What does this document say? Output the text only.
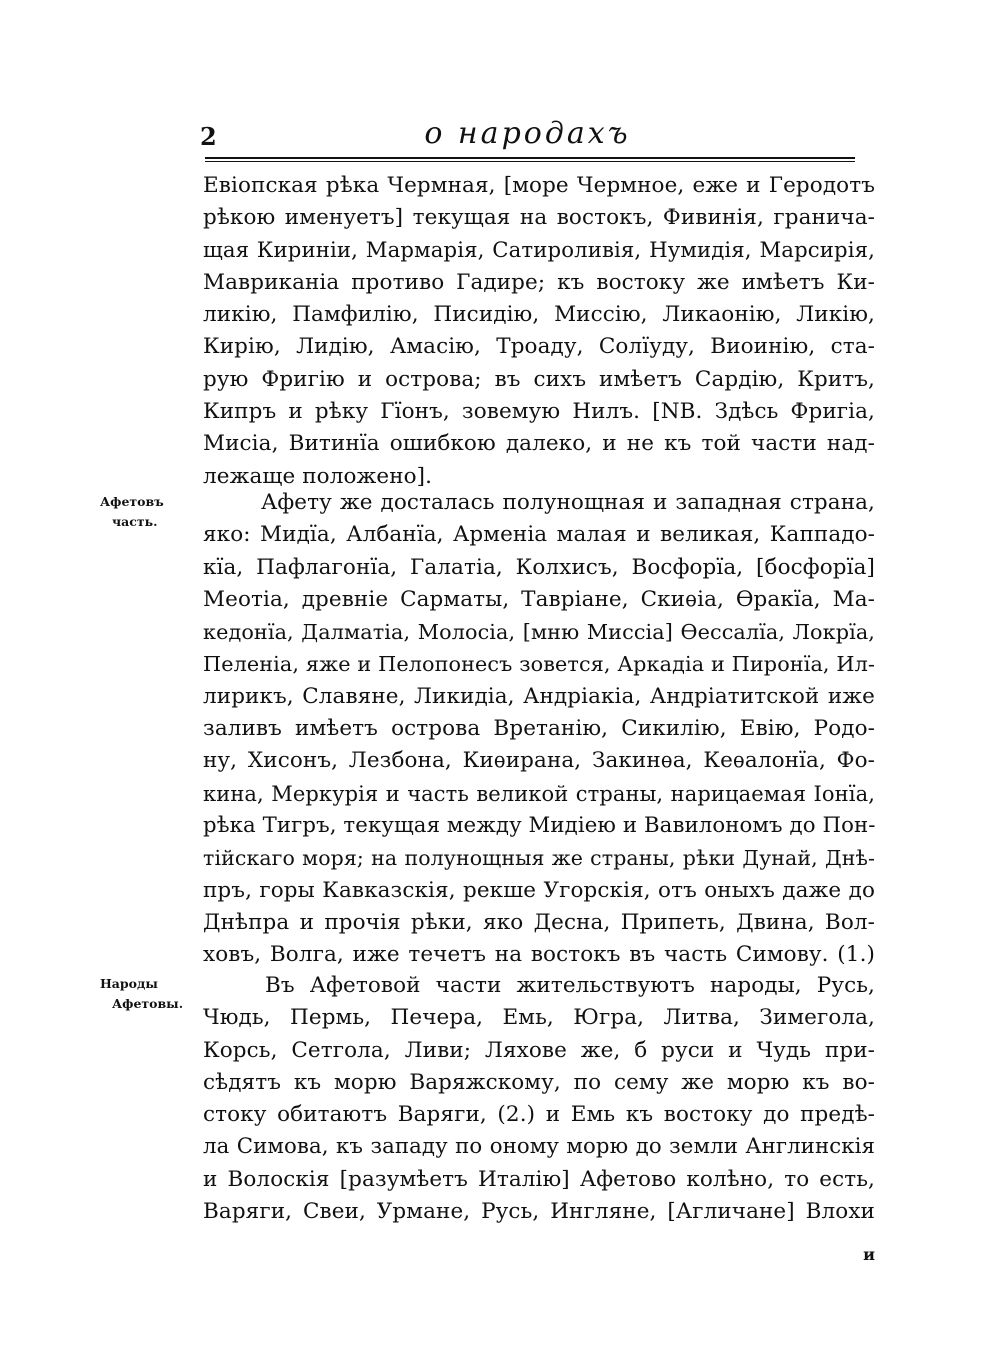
2	о народахъ
Евіопская рѣка Чермная, [море Чермное, еже и Геродотъ
рѣкою именуетъ] текущая на востокъ, Фивинія, гранича-
щая Кириніи, Мармарія, Сатироливія, Нумидія, Марсирія,
Мавриканіа противо Гадире; къ востоку же имѣетъ Ки-
ликію, Памфилію, Писидію, Миссію, Ликаонію, Ликію,
Кирію, Лидію, Амасію, Троаду, Солїуду, Виоинію, ста-
рую Фригію и острова; въ сихъ имѣетъ Сардію, Критъ,
Кипръ и рѣку Гїонъ, зовемую Нилъ. [NB. Здѣсь Фригіа,
Мисіа, Витинїа ошибкою далеко, и не къ той части над-
лежаще положено].
Афетовъ
часть.
Афету же досталась полунощная и западная страна,
яко: Мидїа, Албанїа, Арменіа малая и великая, Каппадо-
кїа, Пафлагонїа, Галатіа, Колхисъ, Восфорїа, [босфорїа]
Меотіа, древніе Сарматы, Тавріане, Скиѳіа, Ѳракїа, Ма-
кедонїа, Далматіа, Молосіа, [мню Миссіа] Ѳессалїа, Локрїа,
Пеленіа, яже и Пелопонесъ зовется, Аркадіа и Пиронїа, Ил-
лирикъ, Славяне, Ликидіа, Андріакіа, Андріатитской иже
заливъ имѣетъ острова Вретанію, Сикилію, Евію, Родо-
ну, Хисонъ, Лезбона, Киѳирана, Закинѳа, Кеѳалонїа, Фо-
кина, Меркурія и часть великой страны, нарицаемая Іонїа,
рѣка Тигръ, текущая между Мидіею и Вавилономъ до Пон-
тійскаго моря; на полунощныя же страны, рѣки Дунай, Днѣ-
пръ, горы Кавказскія, рекше Угорскія, отъ оныхъ даже до
Днѣпра и прочія рѣки, яко Десна, Припеть, Двина, Вол-
ховъ, Волга, иже течетъ на востокъ въ часть Симову. (1.)
Народы
Афетовы.
Въ Афетовой части жительствуютъ народы, Русь,
Чюдь, Пермь, Печера, Емь, Югра, Литва, Зимегола,
Корсь, Сетгола, Ливи; Ляхове же, б руси и Чудь при-
сѣдятъ къ морю Варяжскому, по сему же морю къ во-
стоку обитаютъ Варяги, (2.) и Емь къ востоку до предѣ-
ла Симова, къ западу по оному морю до земли Англинскія
и Волоскія [разумѣетъ Италію] Афетово колѣно, то есть,
Варяги, Свеи, Урмане, Русь, Ингляне, [Агличане] Влохи
и
